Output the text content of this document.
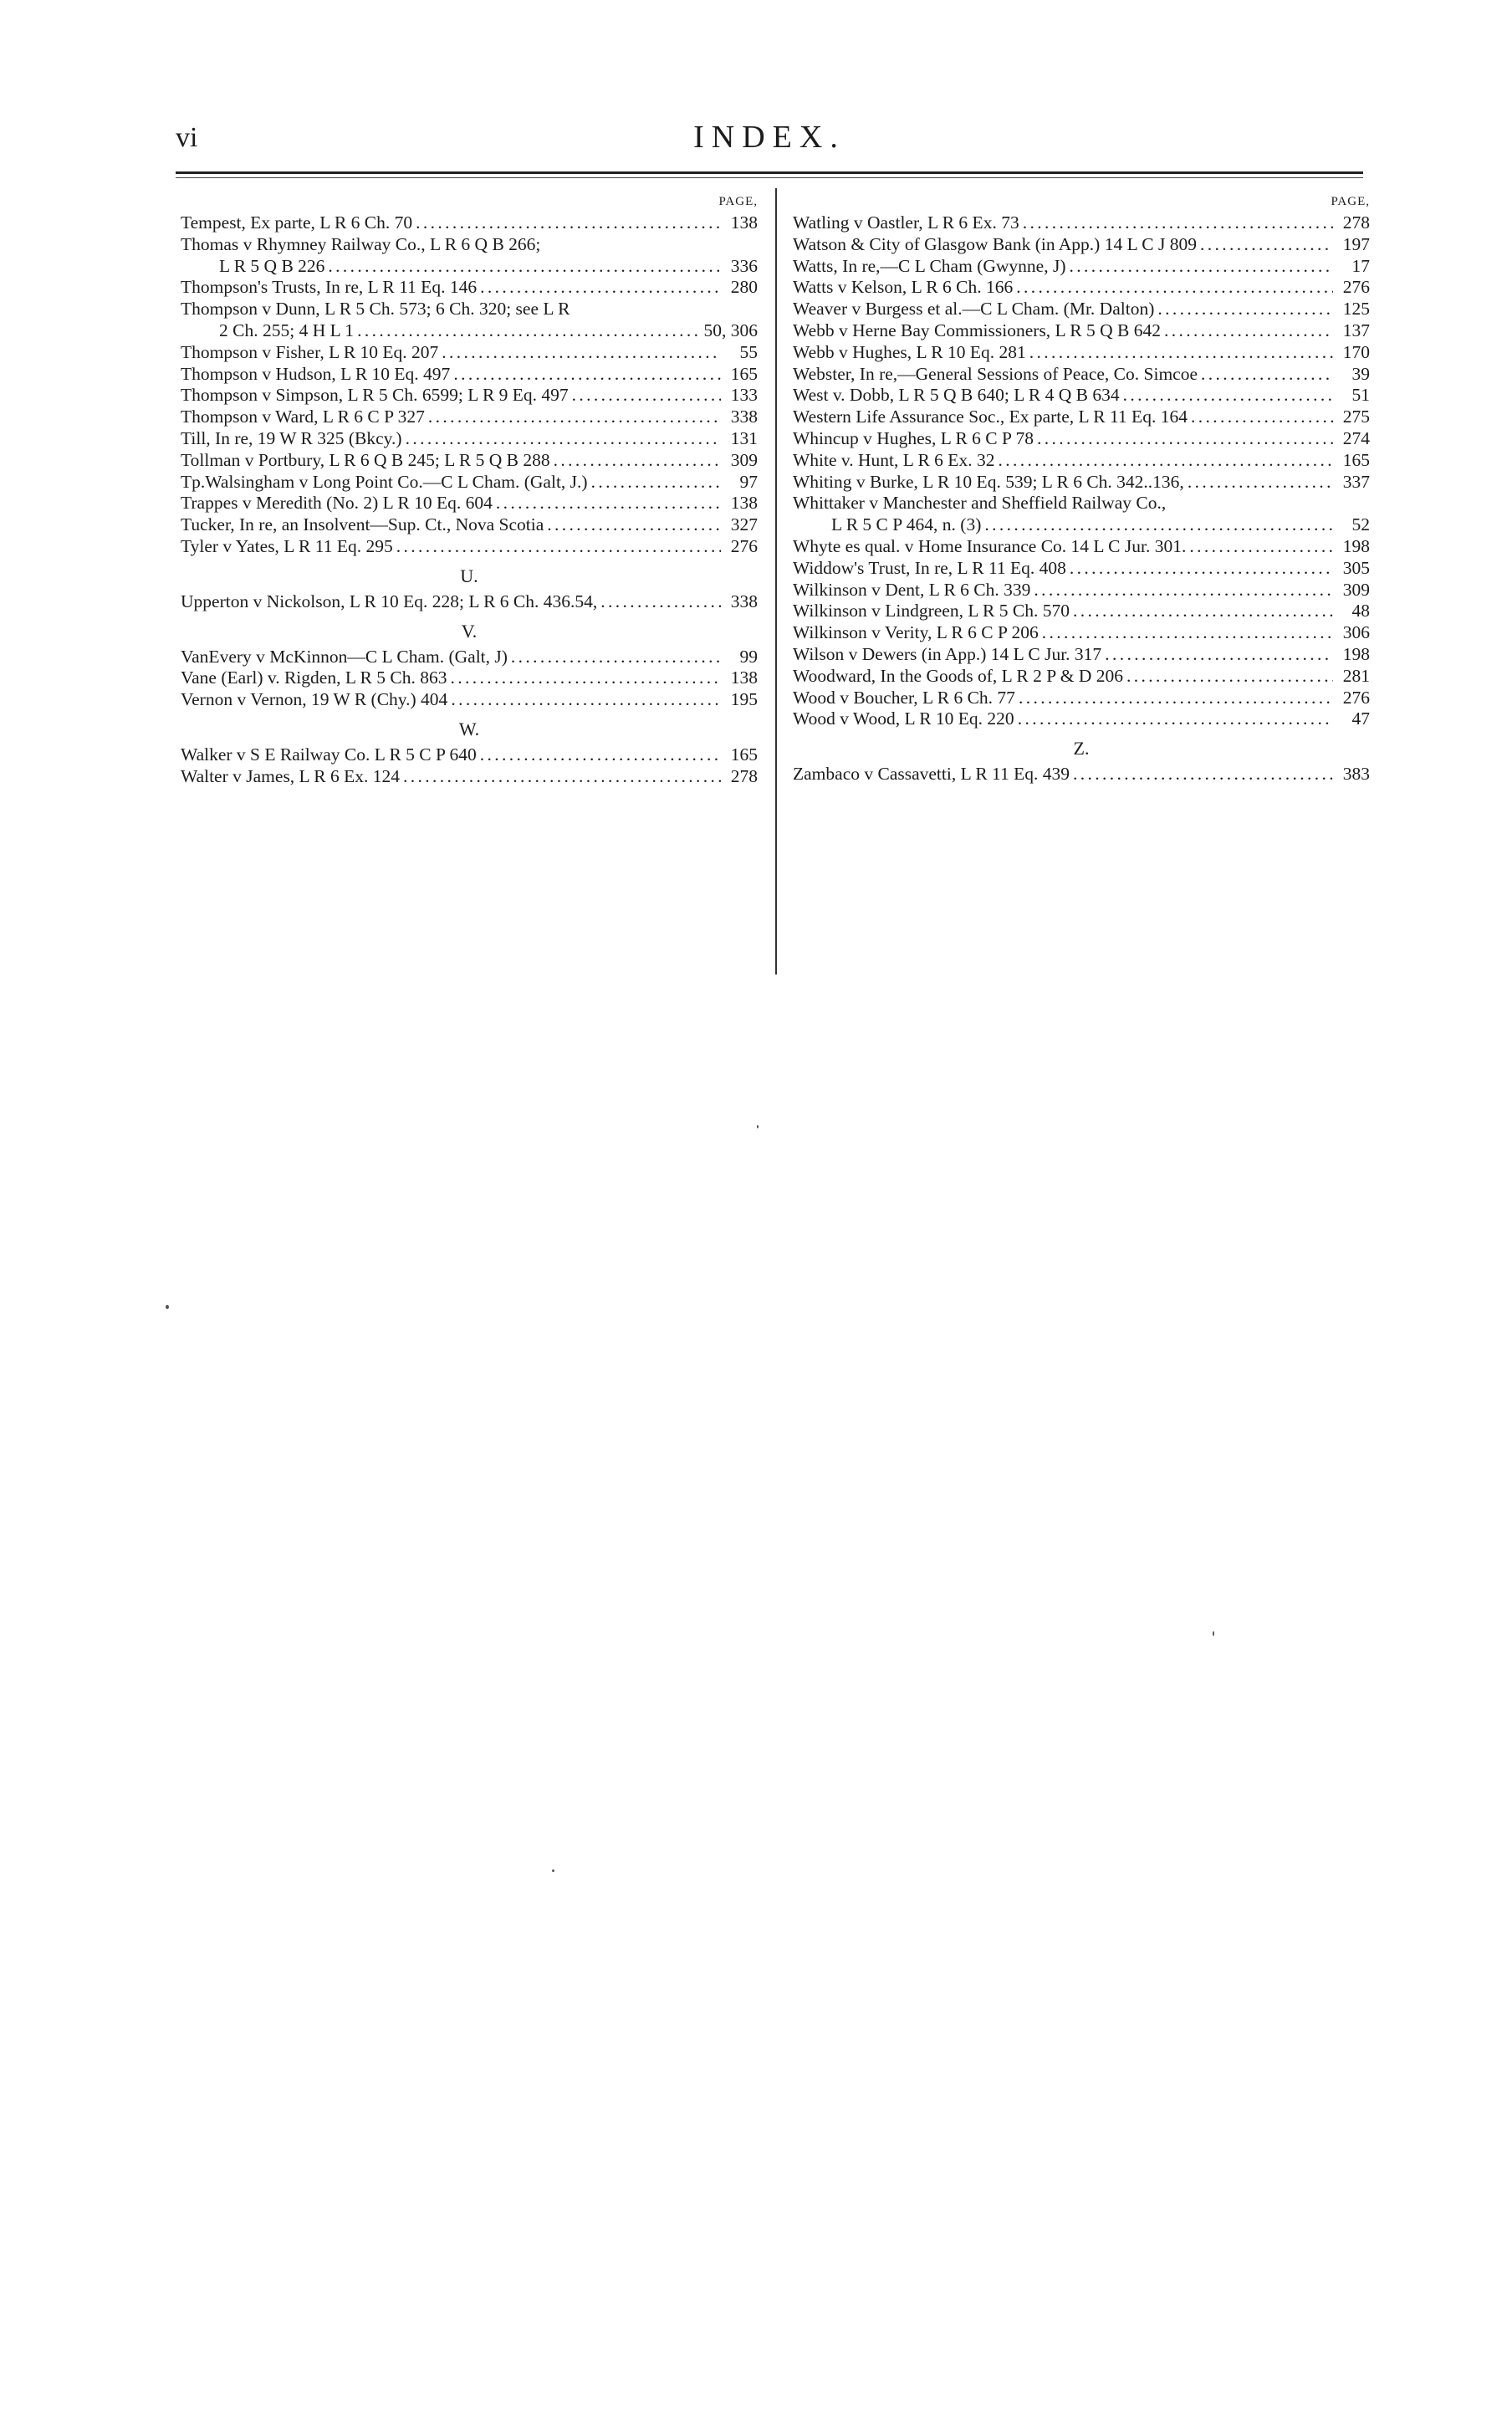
vi	INDEX.
PAGE,
Tempest, Ex parte, L R 6 Ch. 70 . . .	138
Thomas v Rhymney Railway Co., L R 6 Q B 266;
L R 5 Q B 226 . . .	336
Thompson's Trusts, In re, L R 11 Eq. 146 . . .	280
Thompson v Dunn, L R 5 Ch. 573; 6 Ch. 320; see L R
2 Ch. 255; 4 H L 1 . . .	50, 306
Thompson v Fisher, L R 10 Eq. 207 . . .	55
Thompson v Hudson, L R 10 Eq. 497 . . .	165
Thompson v Simpson, L R 5 Ch. 6599; L R 9 Eq. 497 . . .	133
Thompson v Ward, L R 6 C P 327 . . .	338
Till, In re, 19 W R 325 (Bkcy.) . . .	131
Tollman v Portbury, L R 6 Q B 245; L R 5 Q B 288 . . .	309
Tp.Walsingham v Long Point Co.—C L Cham. (Galt, J.) . . .	97
Trappes v Meredith (No. 2) L R 10 Eq. 604 . . .	138
Tucker, In re, an Insolvent—Sup. Ct., Nova Scotia . . .	327
Tyler v Yates, L R 11 Eq. 295 . . .	276
U.
Upperton v Nickolson, L R 10 Eq. 228; L R 6 Ch. 436.54, . . .	338
V.
VanEvery v McKinnon—C L Cham. (Galt, J) . . .	99
Vane (Earl) v. Rigden, L R 5 Ch. 863 . . .	138
Vernon v Vernon, 19 W R (Chy.) 404 . . .	195
W.
Walker v S E Railway Co. L R 5 C P 640 . . .	165
Walter v James, L R 6 Ex. 124 . . .	278
PAGE,
Watling v Oastler, L R 6 Ex. 73 . . .	278
Watson & City of Glasgow Bank (in App.) 14 L C J 809 . . .	197
Watts, In re,—C L Cham (Gwynne, J) . . .	17
Watts v Kelson, L R 6 Ch. 166 . . .	276
Weaver v Burgess et al.—C L Cham. (Mr. Dalton) . . .	125
Webb v Herne Bay Commissioners, L R 5 Q B 642 . . .	137
Webb v Hughes, L R 10 Eq. 281 . . .	170
Webster, In re,—General Sessions of Peace, Co. Simcoe . . .	39
West v. Dobb, L R 5 Q B 640; L R 4 Q B 634 . . .	51
Western Life Assurance Soc., Ex parte, L R 11 Eq. 164 . . .	275
Whincup v Hughes, L R 6 C P 78 . . .	274
White v. Hunt, L R 6 Ex. 32 . . .	165
Whiting v Burke, L R 10 Eq. 539; L R 6 Ch. 342..136, . . .	337
Whittaker v Manchester and Sheffield Railway Co.,
L R 5 C P 464, n. (3) . . .	52
Whyte es qual. v Home Insurance Co. 14 L C Jur. 301. . . .	198
Widdow's Trust, In re, L R 11 Eq. 408 . . .	305
Wilkinson v Dent, L R 6 Ch. 339 . . .	309
Wilkinson v Lindgreen, L R 5 Ch. 570 . . .	48
Wilkinson v Verity, L R 6 C P 206 . . .	306
Wilson v Dewers (in App.) 14 L C Jur. 317 . . .	198
Woodward, In the Goods of, L R 2 P & D 206 . . .	281
Wood v Boucher, L R 6 Ch. 77 . . .	276
Wood v Wood, L R 10 Eq. 220 . . .	47
Z.
Zambaco v Cassavetti, L R 11 Eq. 439 . . .	383
